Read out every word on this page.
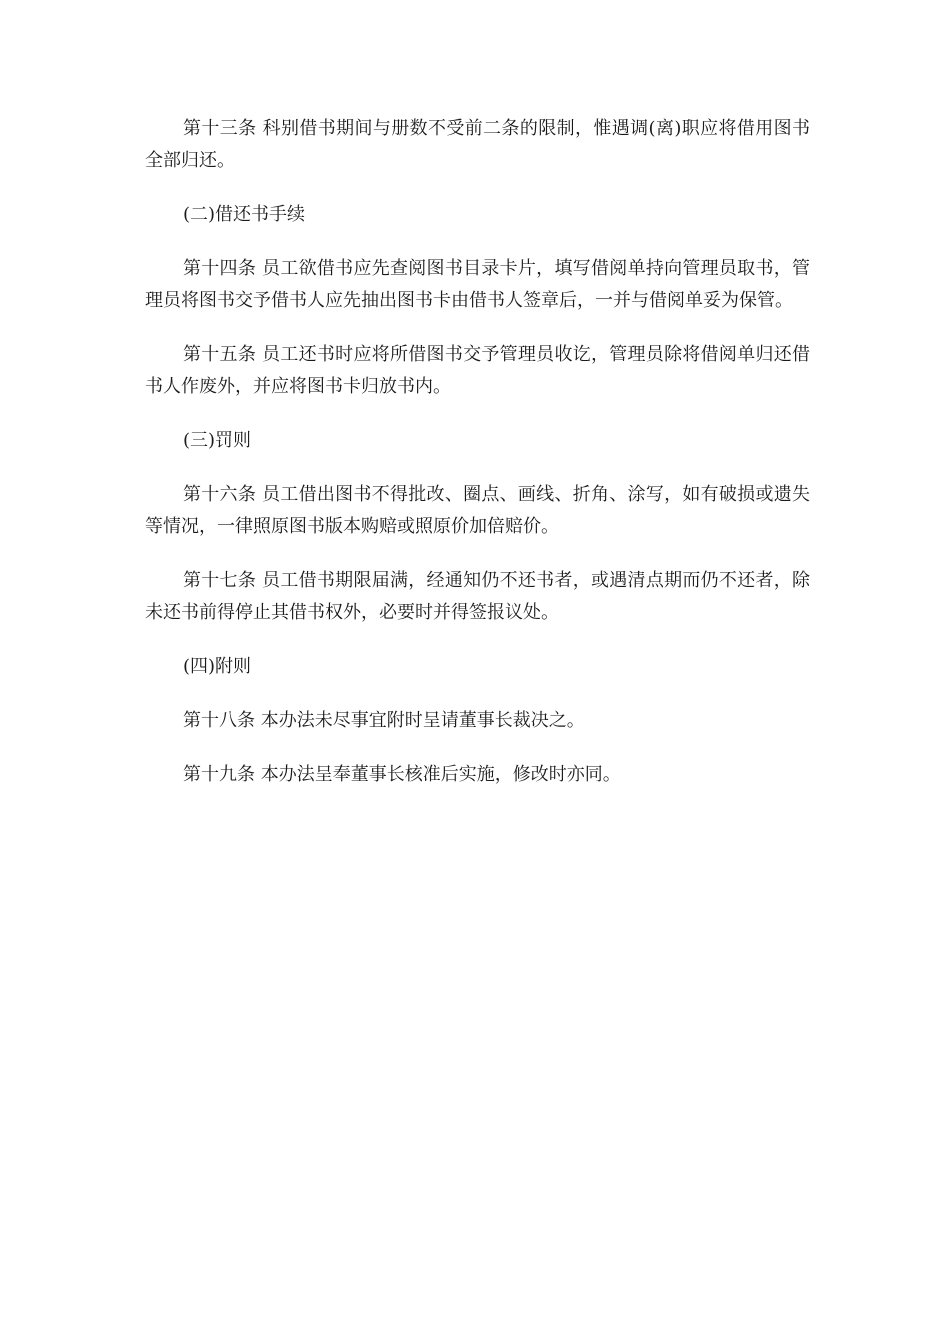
第十三条 科别借书期间与册数不受前二条的限制，惟遇调(离)职应将借用图书全部归还。

(二)借还书手续

第十四条 员工欲借书应先查阅图书目录卡片，填写借阅单持向管理员取书，管理员将图书交予借书人应先抽出图书卡由借书人签章后，一并与借阅单妥为保管。

第十五条 员工还书时应将所借图书交予管理员收讫，管理员除将借阅单归还借书人作废外，并应将图书卡归放书内。

(三)罚则

第十六条 员工借出图书不得批改、圈点、画线、折角、涂写，如有破损或遗失等情况，一律照原图书版本购赔或照原价加倍赔价。

第十七条 员工借书期限届满，经通知仍不还书者，或遇清点期而仍不还者，除未还书前得停止其借书权外，必要时并得签报议处。

(四)附则

第十八条 本办法未尽事宜附时呈请董事长裁决之。

第十九条 本办法呈奉董事长核准后实施，修改时亦同。
